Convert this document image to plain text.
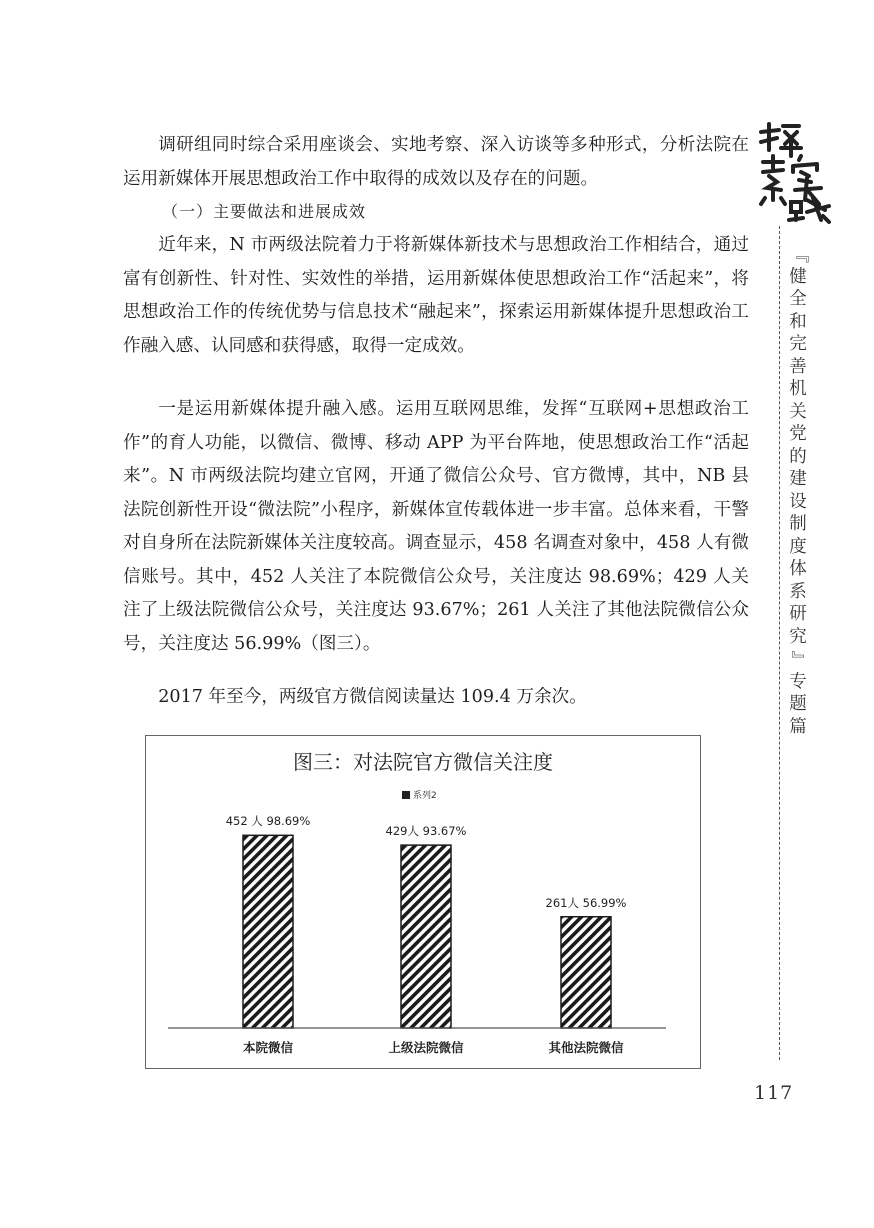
调研组同时综合采用座谈会、实地考察、深入访谈等多种形式，分析法院在运用新媒体开展思想政治工作中取得的成效以及存在的问题。

（一）主要做法和进展成效

近年来，N 市两级法院着力于将新媒体新技术与思想政治工作相结合，通过富有创新性、针对性、实效性的举措，运用新媒体使思想政治工作“活起来”，将思想政治工作的传统优势与信息技术“融起来”，探索运用新媒体提升思想政治工作融入感、认同感和获得感，取得一定成效。

一是运用新媒体提升融入感。运用互联网思维，发挥“互联网+思想政治工作”的育人功能，以微信、微博、移动 APP 为平台阵地，使思想政治工作“活起来”。N 市两级法院均建立官网，开通了微信公众号、官方微博，其中，NB 县法院创新性开设“微法院”小程序，新媒体宣传载体进一步丰富。总体来看，干警对自身所在法院新媒体关注度较高。调查显示，458 名调查对象中，458 人有微信账号。其中，452 人关注了本院微信公众号，关注度达 98.69%；429 人关注了上级法院微信公众号，关注度达 93.67%；261 人关注了其他法院微信公众号，关注度达 56.99%（图三）。

2017 年至今，两级官方微信阅读量达 109.4 万余次。

『
健
全
和
完
善
机
关
党
的
建
设
制
度
体
系
研
究
』
专
题
篇
117
图三：对法院官方微信关注度
系列2
452 人 98.69%
本院微信
429人 93.67%
上级法院微信
261人 56.99%
其他法院微信
